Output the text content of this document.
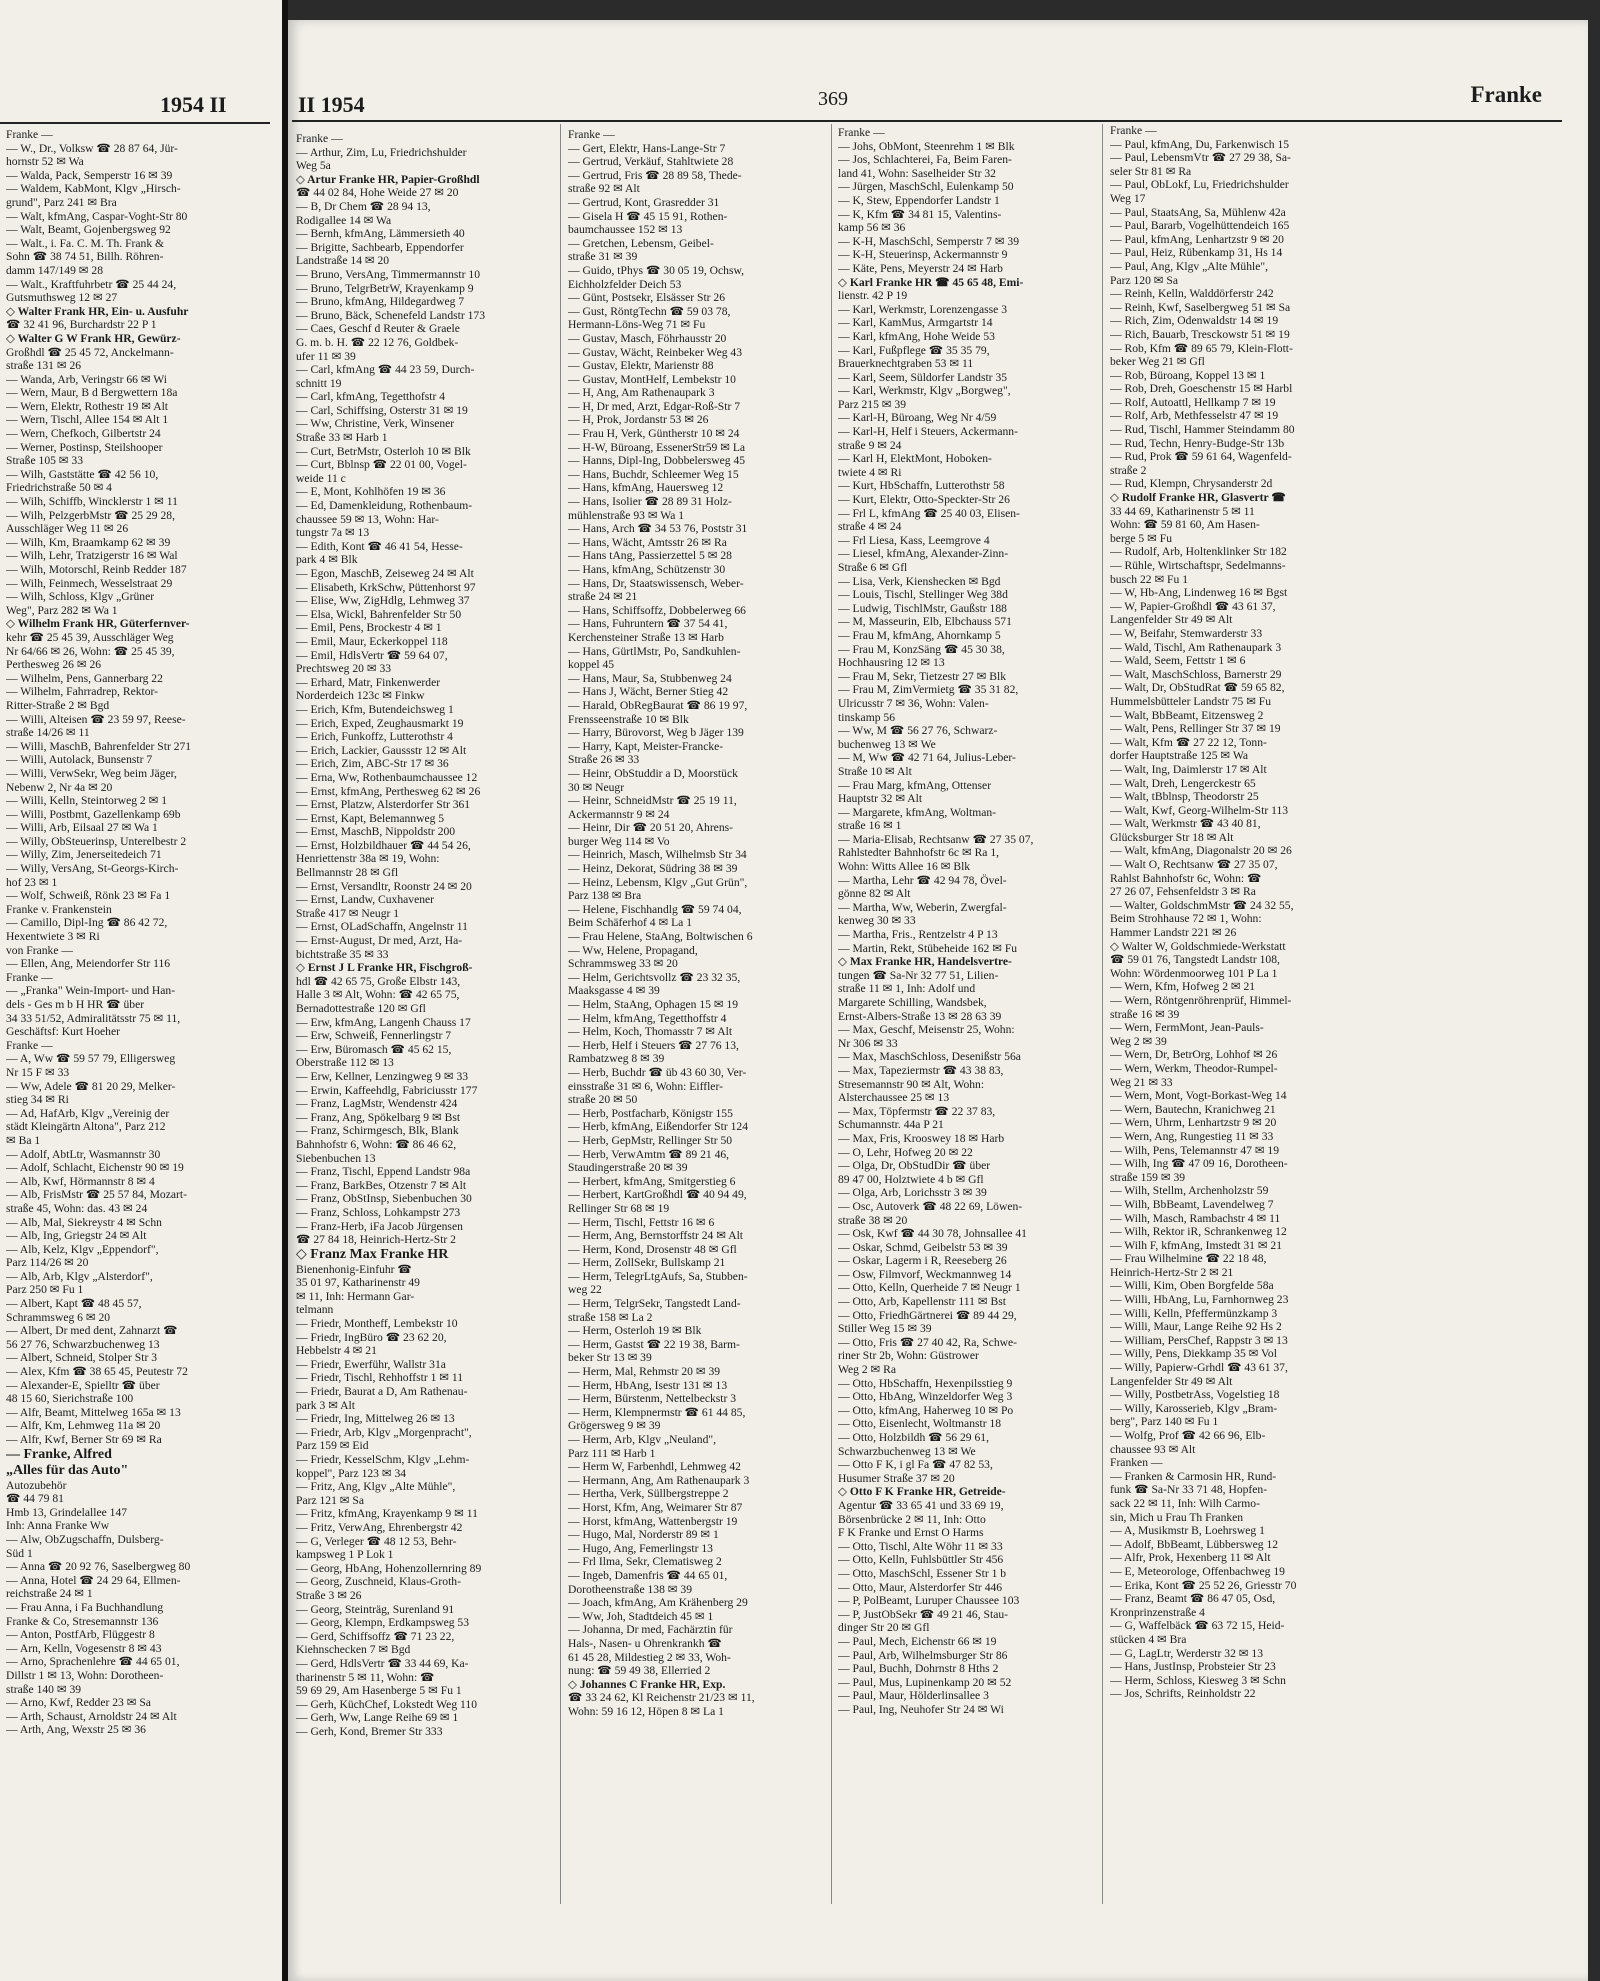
1954 II
Franke —
— W., Dr., Volksw ☎ 28 87 64, Jür-
hornstr 52 ✉ Wa
— Walda, Pack, Semperstr 16 ✉ 39
— Waldem, KabMont, Klgv „Hirsch-
grund", Parz 241 ✉ Bra
— Walt, kfmAng, Caspar-Voght-Str 80
— Walt, Beamt, Gojenbergsweg 92
— Walt., i. Fa. C. M. Th. Frank &
Sohn ☎ 38 74 51, Billh. Röhren-
damm 147/149 ✉ 28
— Walt., Kraftfuhrbetr ☎ 25 44 24,
Gutsmuthsweg 12 ✉ 27
◇ Walter Frank HR, Ein- u. Ausfuhr
☎ 32 41 96, Burchardstr 22 P 1
◇ Walter G W Frank HR, Gewürz-
Großhdl ☎ 25 45 72, Anckelmann-
straße 131 ✉ 26
— Wanda, Arb, Veringstr 66 ✉ Wi
— Wern, Maur, B d Bergwettern 18a
— Wern, Elektr, Rothestr 19 ✉ Alt
— Wern, Tischl, Allee 154 ✉ Alt 1
— Wern, Chefkoch, Gilbertstr 24
— Werner, Postinsp, Steilshooper
Straße 105 ✉ 33
— Wilh, Gaststätte ☎ 42 56 10,
Friedrichstraße 50 ✉ 4
— Wilh, Schiffb, Wincklerstr 1 ✉ 11
— Wilh, PelzgerbMstr ☎ 25 29 28,
Ausschläger Weg 11 ✉ 26
— Wilh, Km, Braamkamp 62 ✉ 39
— Wilh, Lehr, Tratzigerstr 16 ✉ Wal
— Wilh, Motorschl, Reinb Redder 187
— Wilh, Feinmech, Wesselstraat 29
— Wilh, Schloss, Klgv „Grüner
Weg", Parz 282 ✉ Wa 1
◇ Wilhelm Frank HR, Güterfernver-
kehr ☎ 25 45 39, Ausschläger Weg
Nr 64/66 ✉ 26, Wohn: ☎ 25 45 39,
Perthesweg 26 ✉ 26
— Wilhelm, Pens, Gannerbarg 22
— Wilhelm, Fahrradrep, Rektor-
Ritter-Straße 2 ✉ Bgd
— Willi, Alteisen ☎ 23 59 97, Reese-
straße 14/26 ✉ 11
— Willi, MaschB, Bahrenfelder Str 271
— Willi, Autolack, Bunsenstr 7
— Willi, VerwSekr, Weg beim Jäger,
Nebenw 2, Nr 4a ✉ 20
— Willi, Kelln, Steintorweg 2 ✉ 1
— Willi, Postbmt, Gazellenkamp 69b
— Willi, Arb, Eilsaal 27 ✉ Wa 1
— Willy, ObSteuerinsp, Unterelbestr 2
— Willy, Zim, Jenerseitedeich 71
— Willy, VersAng, St-Georgs-Kirch-
hof 23 ✉ 1
— Wolf, Schweiß, Rönk 23 ✉ Fa 1
Franke v. Frankenstein
— Camillo, Dipl-Ing ☎ 86 42 72,
Hexentwiete 3 ✉ Ri
von Franke —
— Ellen, Ang, Meiendorfer Str 116
Franke —
— „Franka" Wein-Import- und Han-
dels - Ges m b H HR ☎ über
34 33 51/52, Admiralitätsstr 75 ✉ 11,
Geschäftsf: Kurt Hoeher
Franke —
— A, Ww ☎ 59 57 79, Elligersweg
Nr 15 F ✉ 33
— Ww, Adele ☎ 81 20 29, Melker-
stieg 34 ✉ Ri
— Ad, HafArb, Klgv „Vereinig der
städt Kleingärtn Altona", Parz 212
✉ Ba 1
— Adolf, AbtLtr, Wasmannstr 30
— Adolf, Schlacht, Eichenstr 90 ✉ 19
— Alb, Kwf, Hörmannstr 8 ✉ 4
— Alb, FrisMstr ☎ 25 57 84, Mozart-
straße 45, Wohn: das. 43 ✉ 24
— Alb, Mal, Siekreystr 4 ✉ Schn
— Alb, Ing, Griegstr 24 ✉ Alt
— Alb, Kelz, Klgv „Eppendorf",
Parz 114/26 ✉ 20
— Alb, Arb, Klgv „Alsterdorf",
Parz 250 ✉ Fu 1
— Albert, Kapt ☎ 48 45 57,
Schrammsweg 6 ✉ 20
— Albert, Dr med dent, Zahnarzt ☎
56 27 76, Schwarzbuchenweg 13
— Albert, Schneid, Stolper Str 3
— Alex, Kfm ☎ 38 65 45, Peutestr 72
— Alexander-E, Spielltr ☎ über
48 15 60, Sierichstraße 100
— Alfr, Beamt, Mittelweg 165a ✉ 13
— Alfr, Km, Lehmweg 11a ✉ 20
— Alfr, Kwf, Berner Str 69 ✉ Ra
— Franke, Alfred
„Alles für das Auto"
Autozubehör
☎ 44 79 81
Hmb 13, Grindelallee 147
Inh: Anna Franke Ww
— Alw, ObZugschaffn, Dulsberg-
Süd 1
— Anna ☎ 20 92 76, Saselbergweg 80
— Anna, Hotel ☎ 24 29 64, Ellmen-
reichstraße 24 ✉ 1
— Frau Anna, i Fa Buchhandlung
Franke & Co, Stresemannstr 136
— Anton, PostfArb, Flüggestr 8
— Arn, Kelln, Vogesenstr 8 ✉ 43
— Arno, Sprachenlehre ☎ 44 65 01,
Dillstr 1 ✉ 13, Wohn: Dorotheen-
straße 140 ✉ 39
— Arno, Kwf, Redder 23 ✉ Sa
— Arth, Schaust, Arnoldstr 24 ✉ Alt
— Arth, Ang, Wexstr 25 ✉ 36
II 1954	369	Franke
Franke —
— Arthur, Zim, Lu, Friedrichshulder
Weg 5a
◇ Artur Franke HR, Papier-Großhdl
☎ 44 02 84, Hohe Weide 27 ✉ 20
— B, Dr Chem ☎ 28 94 13,
Rodigallee 14 ✉ Wa
— Bernh, kfmAng, Lämmersieth 40
— Brigitte, Sachbearb, Eppendorfer
Landstraße 14 ✉ 20
— Bruno, VersAng, Timmermannstr 10
— Bruno, TelgrBetrW, Krayenkamp 9
— Bruno, kfmAng, Hildegardweg 7
— Bruno, Bäck, Schenefeld Landstr 173
— Caes, Geschf d Reuter & Graele
G. m. b. H. ☎ 22 12 76, Goldbek-
ufer 11 ✉ 39
— Carl, kfmAng ☎ 44 23 59, Durch-
schnitt 19
— Carl, kfmAng, Tegetthofstr 4
— Carl, Schiffsing, Osterstr 31 ✉ 19
— Ww, Christine, Verk, Winsener
Straße 33 ✉ Harb 1
— Curt, BetrMstr, Osterloh 10 ✉ Blk
— Curt, Bblnsp ☎ 22 01 00, Vogel-
weide 11 c
— E, Mont, Kohlhöfen 19 ✉ 36
— Ed, Damenkleidung, Rothenbaum-
chaussee 59 ✉ 13, Wohn: Har-
tungstr 7a ✉ 13
— Edith, Kont ☎ 46 41 54, Hesse-
park 4 ✉ Blk
— Egon, MaschB, Zeiseweg 24 ✉ Alt
— Elisabeth, KrkSchw, Püttenhorst 97
— Elise, Ww, ZigHdlg, Lehmweg 37
— Elsa, Wickl, Bahrenfelder Str 50
— Emil, Pens, Brockestr 4 ✉ 1
— Emil, Maur, Eckerkoppel 118
— Emil, HdlsVertr ☎ 59 64 07,
Prechtsweg 20 ✉ 33
— Erhard, Matr, Finkenwerder
Norderdeich 123c ✉ Finkw
— Erich, Kfm, Butendeichsweg 1
— Erich, Exped, Zeughausmarkt 19
— Erich, Funkoffz, Lutterothstr 4
— Erich, Lackier, Gaussstr 12 ✉ Alt
— Erich, Zim, ABC-Str 17 ✉ 36
— Erna, Ww, Rothenbaumchaussee 12
— Ernst, kfmAng, Perthesweg 62 ✉ 26
— Ernst, Platzw, Alsterdorfer Str 361
— Ernst, Kapt, Belemannweg 5
— Ernst, MaschB, Nippoldstr 200
— Ernst, Holzbildhauer ☎ 44 54 26,
Henriettenstr 38a ✉ 19, Wohn:
Bellmannstr 28 ✉ Gfl
— Ernst, Versandltr, Roonstr 24 ✉ 20
— Ernst, Landw, Cuxhavener
Straße 417 ✉ Neugr 1
— Ernst, OLadSchaffn, Angelnstr 11
— Ernst-August, Dr med, Arzt, Ha-
bichtstraße 35 ✉ 33
◇ Ernst J L Franke HR, Fischgroß-
hdl ☎ 42 65 75, Große Elbstr 143,
Halle 3 ✉ Alt, Wohn: ☎ 42 65 75,
Bernadottestraße 120 ✉ Gfl
— Erw, kfmAng, Langenh Chauss 17
— Erw, Schweiß, Fennerlingstr 7
— Erw, Büromasch ☎ 45 62 15,
Oberstraße 112 ✉ 13
— Erw, Kellner, Lenzingweg 9 ✉ 33
— Erwin, Kaffeehdlg, Fabriciusstr 177
— Franz, LagMstr, Wendenstr 424
— Franz, Ang, Spökelbarg 9 ✉ Bst
— Franz, Schirmgesch, Blk, Blank
Bahnhofstr 6, Wohn: ☎ 86 46 62,
Siebenbuchen 13
— Franz, Tischl, Eppend Landstr 98a
— Franz, BarkBes, Otzenstr 7 ✉ Alt
— Franz, ObStInsp, Siebenbuchen 30
— Franz, Schloss, Lohkampstr 273
— Franz-Herb, iFa Jacob Jürgensen
☎ 27 84 18, Heinrich-Hertz-Str 2
◇ Franz Max Franke HR
Bienenhonig-Einfuhr ☎
35 01 97, Katharinenstr 49
✉ 11, Inh: Hermann Gar-
telmann
— Friedr, Montheff, Lembekstr 10
— Friedr, IngBüro ☎ 23 62 20,
Hebbelstr 4 ✉ 21
— Friedr, Ewerführ, Wallstr 31a
— Friedr, Tischl, Rehhoffstr 1 ✉ 11
— Friedr, Baurat a D, Am Rathenau-
park 3 ✉ Alt
— Friedr, Ing, Mittelweg 26 ✉ 13
— Friedr, Arb, Klgv „Morgenpracht",
Parz 159 ✉ Eid
— Friedr, KesselSchm, Klgv „Lehm-
koppel", Parz 123 ✉ 34
— Fritz, Ang, Klgv „Alte Mühle",
Parz 121 ✉ Sa
— Fritz, kfmAng, Krayenkamp 9 ✉ 11
— Fritz, VerwAng, Ehrenbergstr 42
— G, Verleger ☎ 48 12 53, Behr-
kampsweg 1 P Lok 1
— Georg, HbAng, Hohenzollernring 89
— Georg, Zuschneid, Klaus-Groth-
Straße 3 ✉ 26
— Georg, Steinträg, Surenland 91
— Georg, Klempn, Erdkampsweg 53
— Gerd, Schiffsoffz ☎ 71 23 22,
Kiehnschecken 7 ✉ Bgd
— Gerd, HdlsVertr ☎ 33 44 69, Ka-
tharinenstr 5 ✉ 11, Wohn: ☎
59 69 29, Am Hasenberge 5 ✉ Fu 1
— Gerh, KüchChef, Lokstedt Weg 110
— Gerh, Ww, Lange Reihe 69 ✉ 1
— Gerh, Kond, Bremer Str 333
Franke —
— Gert, Elektr, Hans-Lange-Str 7
— Gertrud, Verkäuf, Stahltwiete 28
— Gertrud, Fris ☎ 28 89 58, Thede-
straße 92 ✉ Alt
— Gertrud, Kont, Grasredder 31
— Gisela H ☎ 45 15 91, Rothen-
baumchaussee 152 ✉ 13
— Gretchen, Lebensm, Geibel-
straße 31 ✉ 39
— Guido, tPhys ☎ 30 05 19, Ochsw,
Eichholzfelder Deich 53
— Günt, Postsekr, Elsässer Str 26
— Gust, RöntgTechn ☎ 59 03 78,
Hermann-Löns-Weg 71 ✉ Fu
— Gustav, Masch, Föhrhausstr 20
— Gustav, Wächt, Reinbeker Weg 43
— Gustav, Elektr, Marienstr 88
— Gustav, MontHelf, Lembekstr 10
— H, Ang, Am Rathenaupark 3
— H, Dr med, Arzt, Edgar-Roß-Str 7
— H, Prok, Jordanstr 53 ✉ 26
— Frau H, Verk, Güntherstr 10 ✉ 24
— H-W, Büroang, EssenerStr59 ✉ La
— Hanns, Dipl-Ing, Dobbelersweg 45
— Hans, Buchdr, Schleemer Weg 15
— Hans, kfmAng, Hauersweg 12
— Hans, Isolier ☎ 28 89 31 Holz-
mühlenstraße 93 ✉ Wa 1
— Hans, Arch ☎ 34 53 76, Poststr 31
— Hans, Wächt, Amtsstr 26 ✉ Ra
— Hans tAng, Passierzettel 5 ✉ 28
— Hans, kfmAng, Schützenstr 30
— Hans, Dr, Staatswissensch, Weber-
straße 24 ✉ 21
— Hans, Schiffsoffz, Dobbelerweg 66
— Hans, Fuhruntern ☎ 37 54 41,
Kerchensteiner Straße 13 ✉ Harb
— Hans, GürtlMstr, Po, Sandkuhlen-
koppel 45
— Hans, Maur, Sa, Stubbenweg 24
— Hans J, Wächt, Berner Stieg 42
— Harald, ObRegBaurat ☎ 86 19 97,
Frensseenstraße 10 ✉ Blk
— Harry, Bürovorst, Weg b Jäger 139
— Harry, Kapt, Meister-Francke-
Straße 26 ✉ 33
— Heinr, ObStuddir a D, Moorstück
30 ✉ Neugr
— Heinr, SchneidMstr ☎ 25 19 11,
Ackermannstr 9 ✉ 24
— Heinr, Dir ☎ 20 51 20, Ahrens-
burger Weg 114 ✉ Vo
— Heinrich, Masch, Wilhelmsb Str 34
— Heinz, Dekorat, Südring 38 ✉ 39
— Heinz, Lebensm, Klgv „Gut Grün",
Parz 138 ✉ Bra
— Helene, Fischhandlg ☎ 59 74 04,
Beim Schäferhof 4 ✉ La 1
— Frau Helene, StaAng, Boltwischen 6
— Ww, Helene, Propagand,
Schrammsweg 33 ✉ 20
— Helm, Gerichtsvollz ☎ 23 32 35,
Maaksgasse 4 ✉ 39
— Helm, StaAng, Ophagen 15 ✉ 19
— Helm, kfmAng, Tegetthoffstr 4
— Helm, Koch, Thomasstr 7 ✉ Alt
— Herb, Helf i Steuers ☎ 27 76 13,
Rambatzweg 8 ✉ 39
— Herb, Buchdr ☎ üb 43 60 30, Ver-
einsstraße 31 ✉ 6, Wohn: Eiffler-
straße 20 ✉ 50
— Herb, Postfacharb, Königstr 155
— Herb, kfmAng, Eißendorfer Str 124
— Herb, GepMstr, Rellinger Str 50
— Herb, VerwAmtm ☎ 89 21 46,
Staudingerstraße 20 ✉ 39
— Herbert, kfmAng, Smitgerstieg 6
— Herbert, KartGroßhdl ☎ 40 94 49,
Rellinger Str 68 ✉ 19
— Herm, Tischl, Fettstr 16 ✉ 6
— Herm, Ang, Bernstorffstr 24 ✉ Alt
— Herm, Kond, Drosenstr 48 ✉ Gfl
— Herm, ZollSekr, Bullskamp 21
— Herm, TelegrLtgAufs, Sa, Stubben-
weg 22
— Herm, TelgrSekr, Tangstedt Land-
straße 158 ✉ La 2
— Herm, Osterloh 19 ✉ Blk
— Herm, Gastst ☎ 22 19 38, Barm-
beker Str 13 ✉ 39
— Herm, Mal, Rehmstr 20 ✉ 39
— Herm, HbAng, Isestr 131 ✉ 13
— Herm, Bürstenm, Nettelbeckstr 3
— Herm, Klempnermstr ☎ 61 44 85,
Grögersweg 9 ✉ 39
— Herm, Arb, Klgv „Neuland",
Parz 111 ✉ Harb 1
— Herm W, Farbenhdl, Lehmweg 42
— Hermann, Ang, Am Rathenaupark 3
— Hertha, Verk, Süllbergstreppe 2
— Horst, Kfm, Ang, Weimarer Str 87
— Horst, kfmAng, Wattenbergstr 19
— Hugo, Mal, Norderstr 89 ✉ 1
— Hugo, Ang, Femerlingstr 13
— Frl Ilma, Sekr, Clematisweg 2
— Ingeb, Damenfris ☎ 44 65 01,
Dorotheenstraße 138 ✉ 39
— Joach, kfmAng, Am Krähenberg 29
— Ww, Joh, Stadtdeich 45 ✉ 1
— Johanna, Dr med, Fachärztin für
Hals-, Nasen- u Ohrenkrankh ☎
61 45 28, Mildestieg 2 ✉ 33, Woh-
nung: ☎ 59 49 38, Ellerried 2
◇ Johannes C Franke HR, Exp.
☎ 33 24 62, Kl Reichenstr 21/23 ✉ 11,
Wohn: 59 16 12, Höpen 8 ✉ La 1
Franke —
— Johs, ObMont, Steenrehm 1 ✉ Blk
— Jos, Schlachterei, Fa, Beim Faren-
land 41, Wohn: Saselheider Str 32
— Jürgen, MaschSchl, Eulenkamp 50
— K, Stew, Eppendorfer Landstr 1
— K, Kfm ☎ 34 81 15, Valentins-
kamp 56 ✉ 36
— K-H, MaschSchl, Semperstr 7 ✉ 39
— K-H, Steuerinsp, Ackermannstr 9
— Käte, Pens, Meyerstr 24 ✉ Harb
◇ Karl Franke HR ☎ 45 65 48, Emi-
lienstr. 42 P 19
— Karl, Werkmstr, Lorenzengasse 3
— Karl, KamMus, Armgartstr 14
— Karl, kfmAng, Hohe Weide 53
— Karl, Fußpflege ☎ 35 35 79,
Brauerknechtgraben 53 ✉ 11
— Karl, Seem, Süldorfer Landstr 35
— Karl, Werkmstr, Klgv „Borgweg",
Parz 215 ✉ 39
— Karl-H, Büroang, Weg Nr 4/59
— Karl-H, Helf i Steuers, Ackermann-
straße 9 ✉ 24
— Karl H, ElektMont, Hoboken-
twiete 4 ✉ Ri
— Kurt, HbSchaffn, Lutterothstr 58
— Kurt, Elektr, Otto-Speckter-Str 26
— Frl L, kfmAng ☎ 25 40 03, Elisen-
straße 4 ✉ 24
— Frl Liesa, Kass, Leemgrove 4
— Liesel, kfmAng, Alexander-Zinn-
Straße 6 ✉ Gfl
— Lisa, Verk, Kienshecken ✉ Bgd
— Louis, Tischl, Stellinger Weg 38d
— Ludwig, TischlMstr, Gaußstr 188
— M, Masseurin, Elb, Elbchauss 571
— Frau M, kfmAng, Ahornkamp 5
— Frau M, KonzSäng ☎ 45 30 38,
Hochhausring 12 ✉ 13
— Frau M, Sekr, Tietzestr 27 ✉ Blk
— Frau M, ZimVermietg ☎ 35 31 82,
Ulricusstr 7 ✉ 36, Wohn: Valen-
tinskamp 56
— Ww, M ☎ 56 27 76, Schwarz-
buchenweg 13 ✉ We
— M, Ww ☎ 42 71 64, Julius-Leber-
Straße 10 ✉ Alt
— Frau Marg, kfmAng, Ottenser
Hauptstr 32 ✉ Alt
— Margarete, kfmAng, Woltman-
straße 16 ✉ 1
— Maria-Elisab, Rechtsanw ☎ 27 35 07,
Rahlstedter Bahnhofstr 6c ✉ Ra 1,
Wohn: Witts Allee 16 ✉ Blk
— Martha, Lehr ☎ 42 94 78, Övel-
gönne 82 ✉ Alt
— Martha, Ww, Weberin, Zwergfal-
kenweg 30 ✉ 33
— Martha, Fris., Rentzelstr 4 P 13
— Martin, Rekt, Stübeheide 162 ✉ Fu
◇ Max Franke HR, Handelsvertre-
tungen ☎ Sa-Nr 32 77 51, Lilien-
straße 11 ✉ 1, Inh: Adolf und
Margarete Schilling, Wandsbek,
Ernst-Albers-Straße 13 ✉ 28 63 39
— Max, Geschf, Meisenstr 25, Wohn:
Nr 306 ✉ 33
— Max, MaschSchloss, Desenißstr 56a
— Max, Tapeziermstr ☎ 43 38 83,
Stresemannstr 90 ✉ Alt, Wohn:
Alsterchaussee 25 ✉ 13
— Max, Töpfermstr ☎ 22 37 83,
Schumannstr. 44a P 21
— Max, Fris, Krooswey 18 ✉ Harb
— O, Lehr, Hofweg 20 ✉ 22
— Olga, Dr, ObStudDir ☎ über
89 47 00, Holztwiete 4 b ✉ Gfl
— Olga, Arb, Lorichsstr 3 ✉ 39
— Osc, Autoverk ☎ 48 22 69, Löwen-
straße 38 ✉ 20
— Osk, Kwf ☎ 44 30 78, Johnsallee 41
— Oskar, Schmd, Geibelstr 53 ✉ 39
— Oskar, Lagerm i R, Reeseberg 26
— Osw, Filmvorf, Weckmannweg 14
— Otto, Kelln, Querheide 7 ✉ Neugr 1
— Otto, Arb, Kapellenstr 111 ✉ Bst
— Otto, FriedhGärtnerei ☎ 89 44 29,
Stiller Weg 15 ✉ 39
— Otto, Fris ☎ 27 40 42, Ra, Schwe-
riner Str 2b, Wohn: Güstrower
Weg 2 ✉ Ra
— Otto, HbSchaffn, Hexenpilsstieg 9
— Otto, HbAng, Winzeldorfer Weg 3
— Otto, kfmAng, Haherweg 10 ✉ Po
— Otto, Eisenlecht, Woltmanstr 18
— Otto, Holzbildh ☎ 56 29 61,
Schwarzbuchenweg 13 ✉ We
— Otto F K, i gl Fa ☎ 47 82 53,
Husumer Straße 37 ✉ 20
◇ Otto F K Franke HR, Getreide-
Agentur ☎ 33 65 41 und 33 69 19,
Börsenbrücke 2 ✉ 11, Inh: Otto
F K Franke und Ernst O Harms
— Otto, Tischl, Alte Wöhr 11 ✉ 33
— Otto, Kelln, Fuhlsbüttler Str 456
— Otto, MaschSchl, Essener Str 1 b
— Otto, Maur, Alsterdorfer Str 446
— P, PolBeamt, Luruper Chaussee 103
— P, JustObSekr ☎ 49 21 46, Stau-
dinger Str 20 ✉ Gfl
— Paul, Mech, Eichenstr 66 ✉ 19
— Paul, Arb, Wilhelmsburger Str 86
— Paul, Buchh, Dohrnstr 8 Hths 2
— Paul, Mus, Lupinenkamp 20 ✉ 52
— Paul, Maur, Hölderlinsallee 3
— Paul, Ing, Neuhofer Str 24 ✉ Wi
Franke —
— Paul, kfmAng, Du, Farkenwisch 15
— Paul, LebensmVtr ☎ 27 29 38, Sa-
seler Str 81 ✉ Ra
— Paul, ObLokf, Lu, Friedrichshulder
Weg 17
— Paul, StaatsAng, Sa, Mühlenw 42a
— Paul, Bararb, Vogelhüttendeich 165
— Paul, kfmAng, Lenhartzstr 9 ✉ 20
— Paul, Heiz, Rübenkamp 31, Hs 14
— Paul, Ang, Klgv „Alte Mühle",
Parz 120 ✉ Sa
— Reinh, Kelln, Walddörferstr 242
— Reinh, Kwf, Saselbergweg 51 ✉ Sa
— Rich, Zim, Odenwaldstr 14 ✉ 19
— Rich, Bauarb, Tresckowstr 51 ✉ 19
— Rob, Kfm ☎ 89 65 79, Klein-Flott-
beker Weg 21 ✉ Gfl
— Rob, Büroang, Koppel 13 ✉ 1
— Rob, Dreh, Goeschenstr 15 ✉ Harbl
— Rolf, Autoattl, Hellkamp 7 ✉ 19
— Rolf, Arb, Methfesselstr 47 ✉ 19
— Rud, Tischl, Hammer Steindamm 80
— Rud, Techn, Henry-Budge-Str 13b
— Rud, Prok ☎ 59 61 64, Wagenfeld-
straße 2
— Rud, Klempn, Chrysanderstr 2d
◇ Rudolf Franke HR, Glasvertr ☎
33 44 69, Katharinenstr 5 ✉ 11
Wohn: ☎ 59 81 60, Am Hasen-
berge 5 ✉ Fu
— Rudolf, Arb, Holtenklinker Str 182
— Rühle, Wirtschaftspr, Sedelmanns-
busch 22 ✉ Fu 1
— W, Hb-Ang, Lindenweg 16 ✉ Bgst
— W, Papier-Großhdl ☎ 43 61 37,
Langenfelder Str 49 ✉ Alt
— W, Beifahr, Stemwarderstr 33
— Wald, Tischl, Am Rathenaupark 3
— Wald, Seem, Fettstr 1 ✉ 6
— Walt, MaschSchloss, Barnerstr 29
— Walt, Dr, ObStudRat ☎ 59 65 82,
Hummelsbütteler Landstr 75 ✉ Fu
— Walt, BbBeamt, Eitzensweg 2
— Walt, Pens, Rellinger Str 37 ✉ 19
— Walt, Kfm ☎ 27 22 12, Tonn-
dorfer Hauptstraße 125 ✉ Wa
— Walt, Ing, Daimlerstr 17 ✉ Alt
— Walt, Dreh, Lengerckestr 65
— Walt, tBblnsp, Theodorstr 25
— Walt, Kwf, Georg-Wilhelm-Str 113
— Walt, Werkmstr ☎ 43 40 81,
Glücksburger Str 18 ✉ Alt
— Walt, kfmAng, Diagonalstr 20 ✉ 26
— Walt O, Rechtsanw ☎ 27 35 07,
Rahlst Bahnhofstr 6c, Wohn: ☎
27 26 07, Fehsenfeldstr 3 ✉ Ra
— Walter, GoldschmMstr ☎ 24 32 55,
Beim Strohhause 72 ✉ 1, Wohn:
Hammer Landstr 221 ✉ 26
◇ Walter W, Goldschmiede-Werkstatt
☎ 59 01 76, Tangstedt Landstr 108,
Wohn: Wördenmoorweg 101 P La 1
— Wern, Kfm, Hofweg 2 ✉ 21
— Wern, Röntgenröhrenprüf, Himmel-
straße 16 ✉ 39
— Wern, FermMont, Jean-Pauls-
Weg 2 ✉ 39
— Wern, Dr, BetrOrg, Lohhof ✉ 26
— Wern, Werkm, Theodor-Rumpel-
Weg 21 ✉ 33
— Wern, Mont, Vogt-Borkast-Weg 14
— Wern, Bautechn, Kranichweg 21
— Wern, Uhrm, Lenhartzstr 9 ✉ 20
— Wern, Ang, Rungestieg 11 ✉ 33
— Wilh, Pens, Telemannstr 47 ✉ 19
— Wilh, Ing ☎ 47 09 16, Dorotheen-
straße 159 ✉ 39
— Wilh, Stellm, Archenholzstr 59
— Wilh, BbBeamt, Lavendelweg 7
— Wilh, Masch, Rambachstr 4 ✉ 11
— Wilh, Rektor iR, Schrankenweg 12
— Wilh F, kfmAng, Imstedt 31 ✉ 21
— Frau Wilhelmine ☎ 22 18 48,
Heinrich-Hertz-Str 2 ✉ 21
— Willi, Kim, Oben Borgfelde 58a
— Willi, HbAng, Lu, Farnhornweg 23
— Willi, Kelln, Pfeffermünzkamp 3
— Willi, Maur, Lange Reihe 92 Hs 2
— William, PersChef, Rappstr 3 ✉ 13
— Willy, Pens, Diekkamp 35 ✉ Vol
— Willy, Papierw-Grhdl ☎ 43 61 37,
Langenfelder Str 49 ✉ Alt
— Willy, PostbetrAss, Vogelstieg 18
— Willy, Karosserieb, Klgv „Bram-
berg", Parz 140 ✉ Fu 1
— Wolfg, Prof ☎ 42 66 96, Elb-
chaussee 93 ✉ Alt
Franken —
— Franken & Carmosin HR, Rund-
funk ☎ Sa-Nr 33 71 48, Hopfen-
sack 22 ✉ 11, Inh: Wilh Carmo-
sin, Mich u Frau Th Franken
— A, Musikmstr B, Loehrsweg 1
— Adolf, BbBeamt, Lübbersweg 12
— Alfr, Prok, Hexenberg 11 ✉ Alt
— E, Meteorologe, Offenbachweg 19
— Erika, Kont ☎ 25 52 26, Griesstr 70
— Franz, Beamt ☎ 86 47 05, Osd,
Kronprinzenstraße 4
— G, Waffelbäck ☎ 63 72 15, Heid-
stücken 4 ✉ Bra
— G, LagLtr, Werderstr 32 ✉ 13
— Hans, JustInsp, Probsteier Str 23
— Herm, Schloss, Kiesweg 3 ✉ Schn
— Jos, Schrifts, Reinholdstr 22
